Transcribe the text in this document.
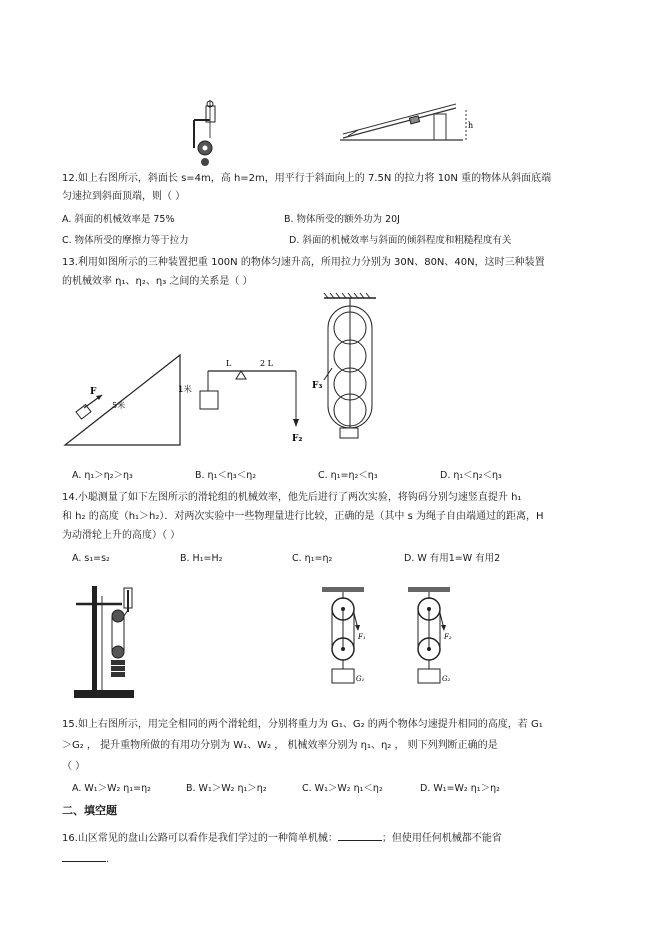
h
12.如上右图所示，斜面长 s=4m，高 h=2m，用平行于斜面向上的 7.5N 的拉力将 10N 重的物体从斜面底端
匀速拉到斜面顶端，则（ ）
A. 斜面的机械效率是 75%	B. 物体所受的额外功为 20J
C. 物体所受的摩擦力等于拉力	D. 斜面的机械效率与斜面的倾斜程度和粗糙程度有关
13.利用如图所示的三种装置把重 100N 的物体匀速升高，所用拉力分别为 30N、80N、40N，这时三种装置
的机械效率 η₁、η₂、η₃ 之间的关系是（ ）
F
5米
1米
L	2 L
F₂
F₃
A. η₁＞η₂＞η₃	B. η₁＜η₃＜η₂	C. η₁=η₂＜η₃	D. η₁＜η₂＜η₃
14.小聪测量了如下左图所示的滑轮组的机械效率，他先后进行了两次实验，将钩码分别匀速竖直提升 h₁
和 h₂ 的高度（h₁＞h₂）．对两次实验中一些物理量进行比较，正确的是（其中 s 为绳子自由端通过的距离，H
为动滑轮上升的高度）（ ）
A. s₁=s₂	B. H₁=H₂	C. η₁=η₂	D. W 有用1=W 有用2
F₁
G₁
F₂
G₂
15.如上右图所示，用完全相同的两个滑轮组，分别将重力为 G₁、G₂ 的两个物体匀速提升相同的高度，若 G₁
＞G₂ ， 提升重物所做的有用功分别为 W₁、W₂ ， 机械效率分别为 η₁、η₂ ， 则下列判断正确的是
（ ）
A. W₁＞W₂ η₁=η₂	B. W₁＞W₂ η₁＞η₂	C. W₁＞W₂ η₁＜η₂	D. W₁=W₂ η₁＞η₂
二、填空题
16.山区常见的盘山公路可以看作是我们学过的一种简单机械：	；但使用任何机械都不能省
.
